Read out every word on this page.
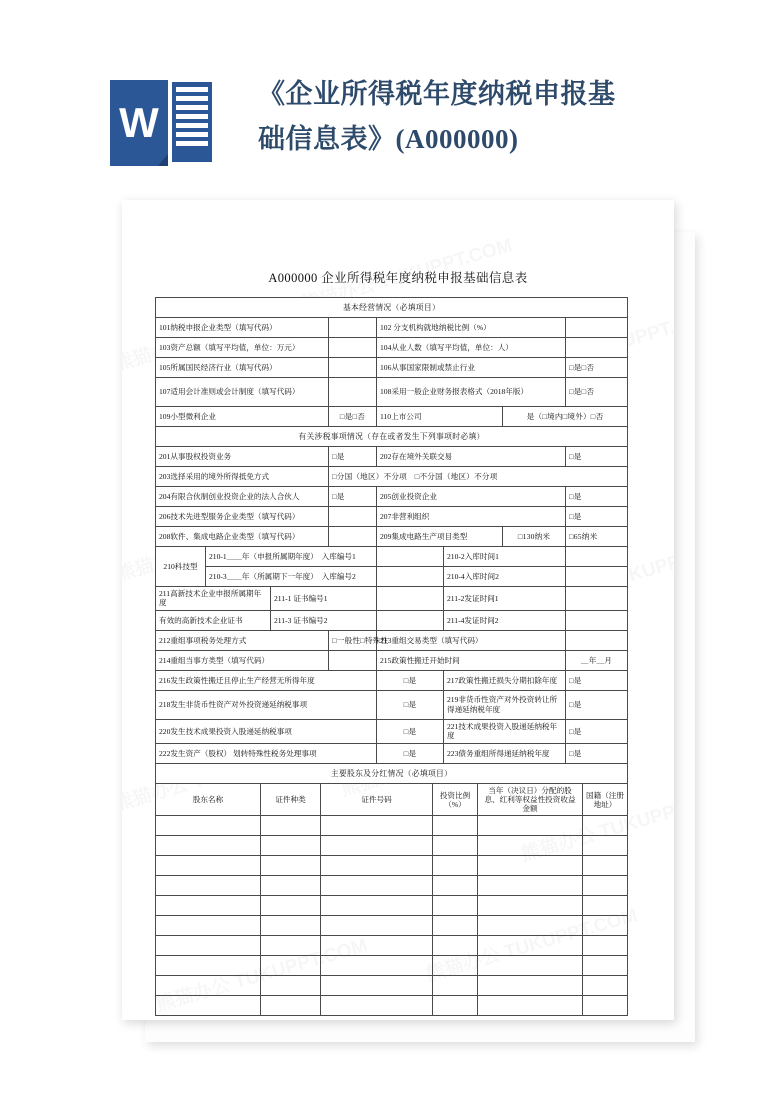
W
《企业所得税年度纳税申报基
础信息表》(A000000)
A000000 企业所得税年度纳税申报基础信息表
基本经营情况（必填项目）							
101纳税申报企业类型（填写代码）				102 分支机构就地纳税比例（%）			
103资产总额（填写平均值，单位：万元）				104从业人数（填写平均值，单位：人）			
105所属国民经济行业（填写代码）				106从事国家限制或禁止行业			□是□否
107适用会计准则或会计制度（填写代码）				108采用一般企业财务报表格式（2018年版）			□是□否
109小型微利企业			□是□否	110上市公司		是（□境内□境外）□否	
有关涉税事项情况（存在或者发生下列事项时必填）							
201从事股权投资业务			□是	202存在境外关联交易			□是
203选择采用的境外所得抵免方式			□分国（地区）不分项　□不分国（地区）不分项				
204有限合伙制创业投资企业的法人合伙人			□是	205创业投资企业			□是
206技术先进型服务企业类型（填写代码）				207非营利组织			□是
208软件、集成电路企业类型（填写代码）				209集成电路生产项目类型		□130纳米	□65纳米
210科技型	210-1＿＿年（申报所属期年度）　入库编号1				210-2入库时间1		
	210-3＿＿年（所属期下一年度）　入库编号2				210-4入库时间2		
211高新技术企业申报所属期年度		211-1 证书编号1			211-2发证时间1		
有效的高新技术企业证书		211-3 证书编号2			211-4发证时间2		
212重组事项税务处理方式			□一般性□特殊性	213重组交易类型（填写代码）			
214重组当事方类型（填写代码）				215政策性搬迁开始时间			＿年＿月
216发生政策性搬迁且停止生产经营无所得年度				□是	217政策性搬迁损失分期扣除年度		□是
218发生非货币性资产对外投资递延纳税事项				□是	219非货币性资产对外投资转让所得递延纳税年度		□是
220发生技术成果投资入股递延纳税事项				□是	221技术成果投资入股递延纳税年度		□是
222发生资产（股权） 划转特殊性税务处理事项				□是	223债务重组所得递延纳税年度		□是
主要股东及分红情况（必填项目）							
股东名称	证件种类	证件号码	投资比例（%）	当年（决议日）分配的股息、红利等权益性投资收益金额	国籍（注册地址）
